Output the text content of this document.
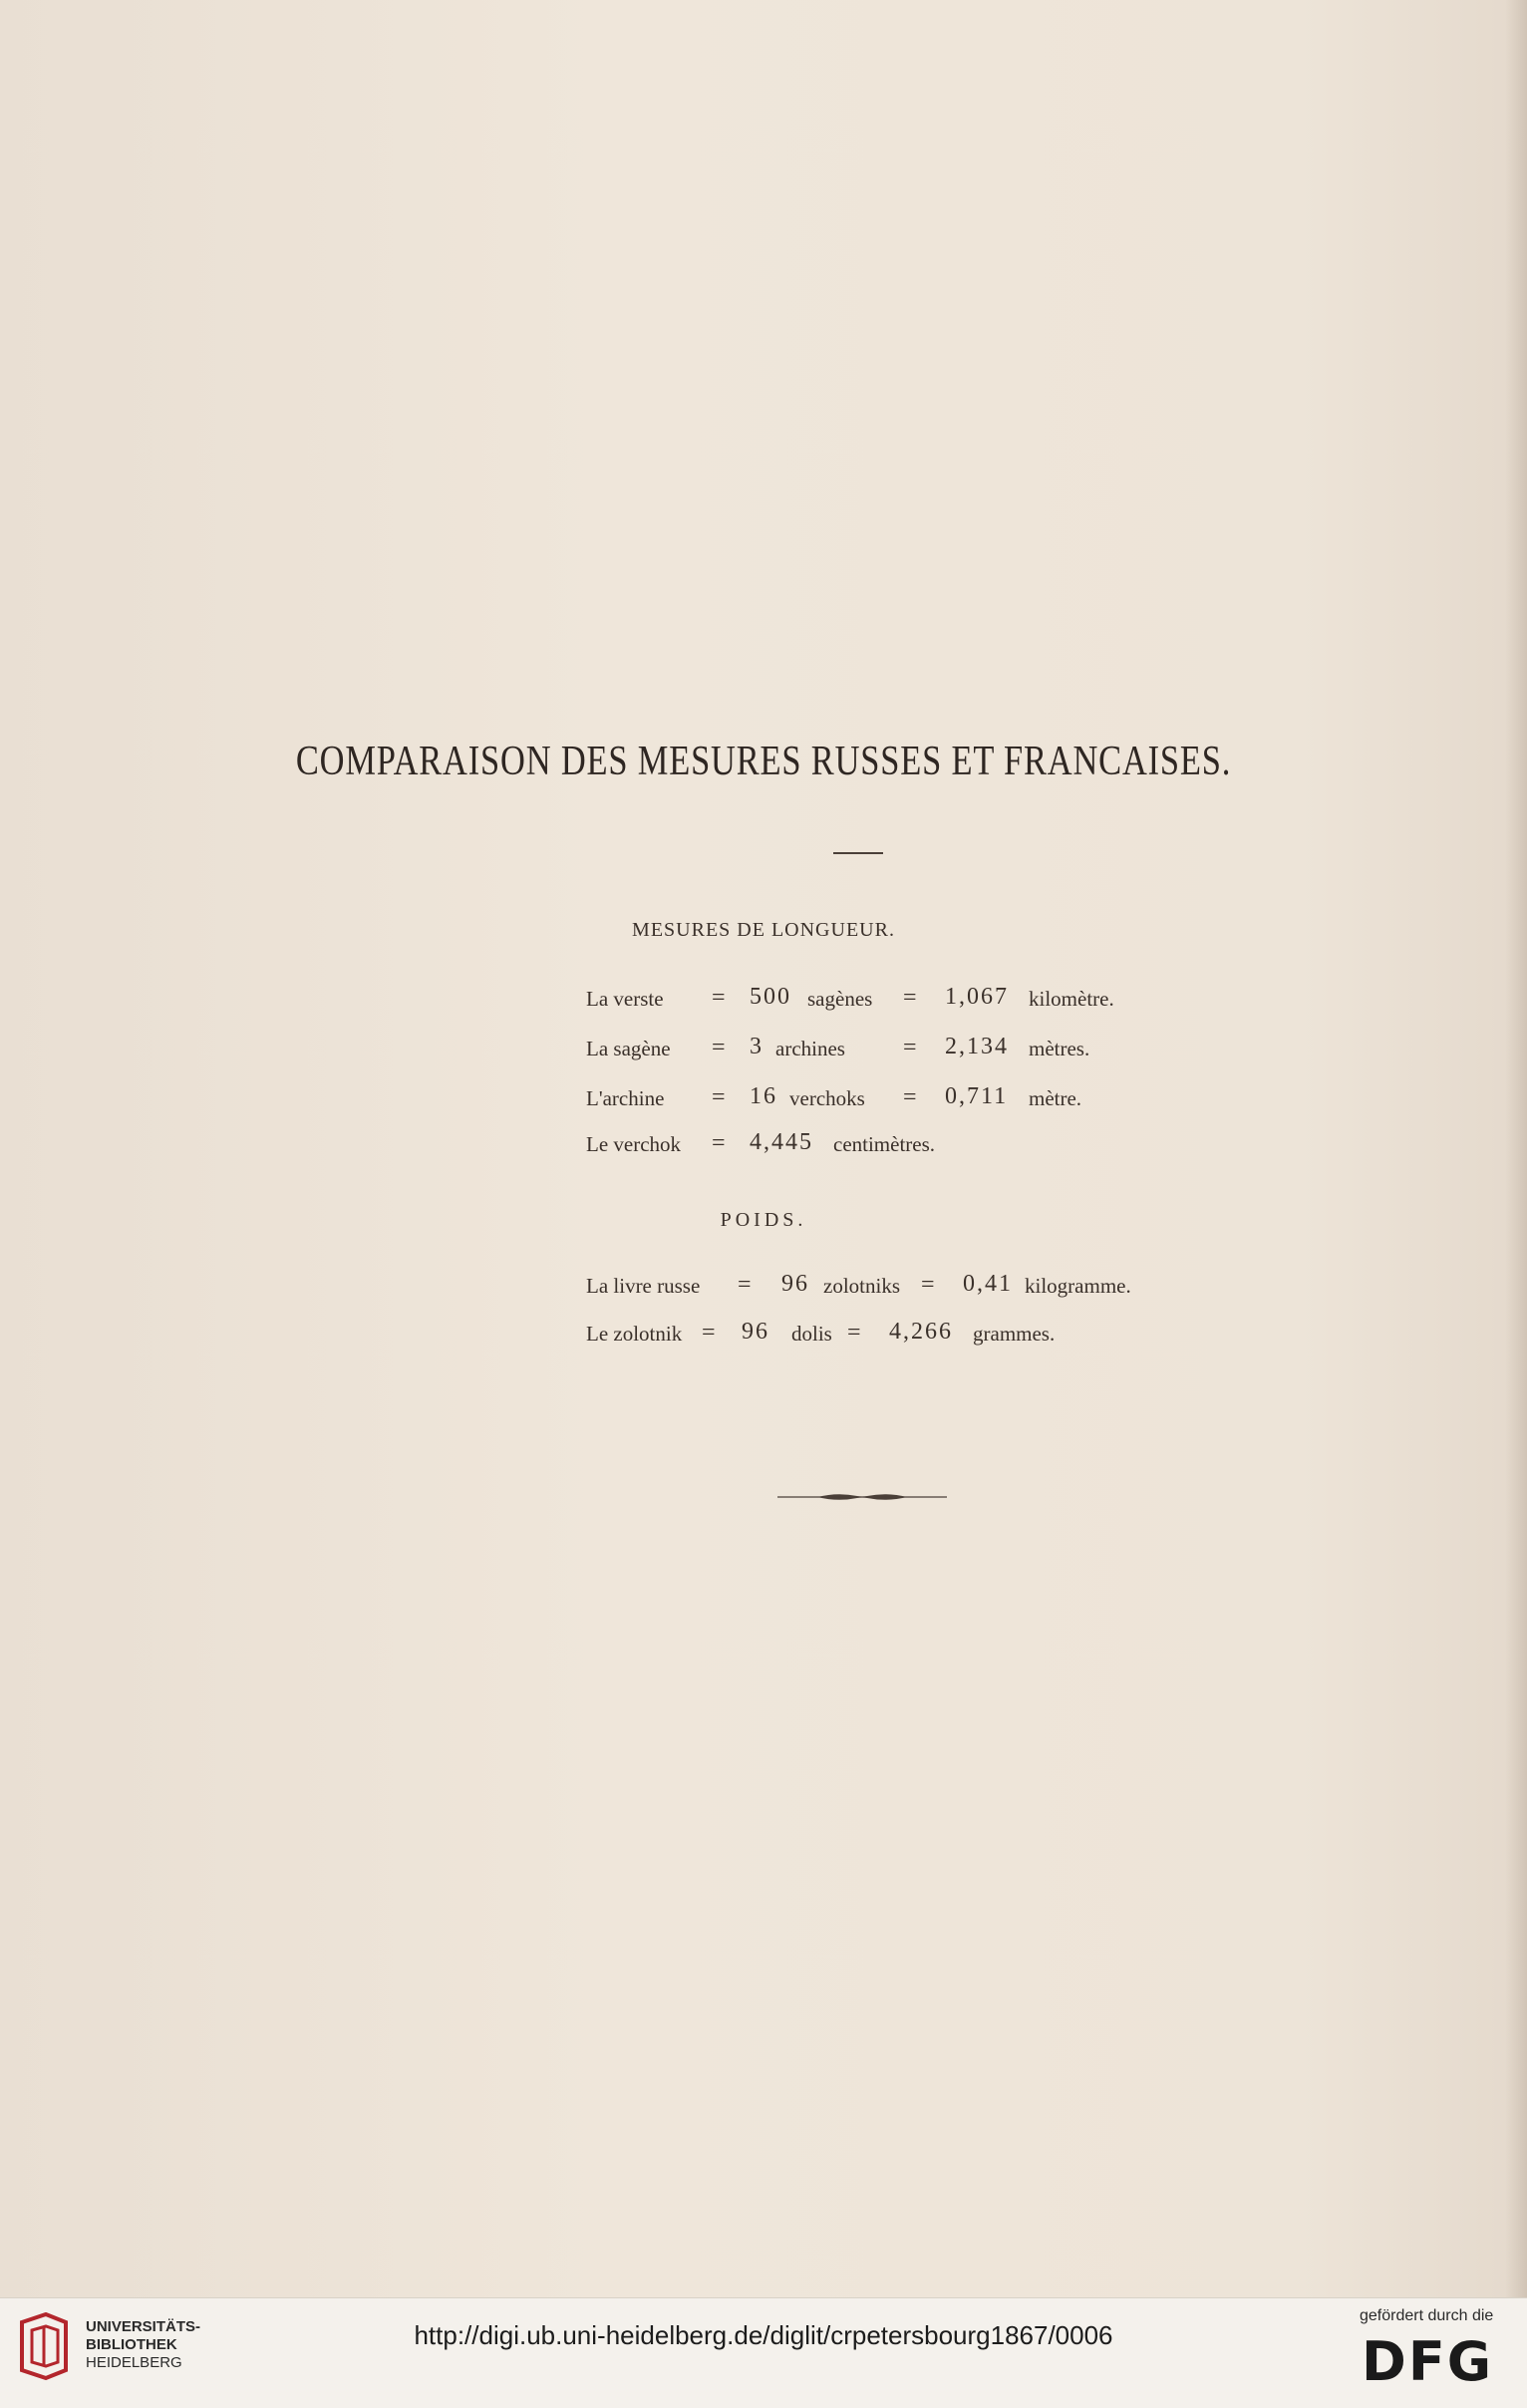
COMPARAISON DES MESURES RUSSES ET FRANCAISES.
MESURES DE LONGUEUR.
La verste = 500 sagènes = 1,067 kilomètre.
La sagène = 3 archines = 2,134 mètres.
L'archine = 16 verchoks = 0,711 mètre.
Le verchok = 4,445 centimètres.
POIDS.
La livre russe = 96 zolotniks = 0,41 kilogramme.
Le zolotnik = 96 dolis = 4,266 grammes.
UNIVERSITÄTS-
BIBLIOTHEK
HEIDELBERG
http://digi.ub.uni-heidelberg.de/diglit/crpetersbourg1867/0006
gefördert durch die
DFG
